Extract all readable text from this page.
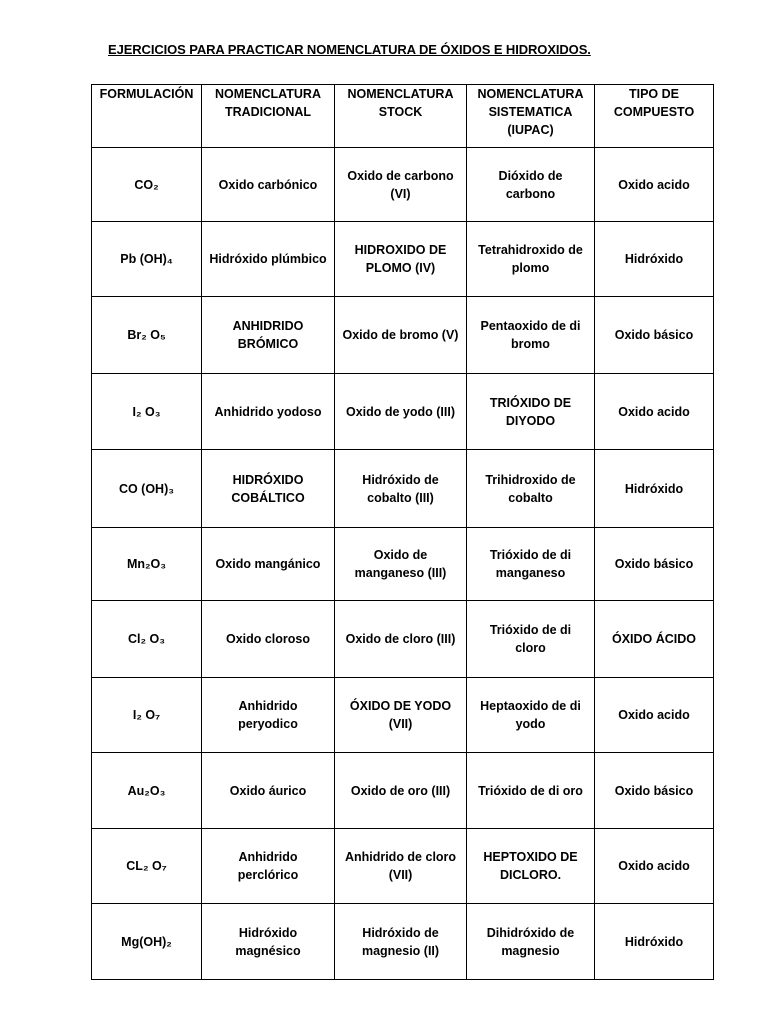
EJERCICIOS PARA PRACTICAR NOMENCLATURA DE ÓXIDOS E HIDROXIDOS.
FORMULACIÓN	NOMENCLATURA TRADICIONAL	NOMENCLATURA STOCK	NOMENCLATURA SISTEMATICA (IUPAC)	TIPO DE COMPUESTO
CO₂	Oxido carbónico	Oxido de carbono (VI)	Dióxido de carbono	Oxido acido
Pb (OH)₄	Hidróxido plúmbico	HIDROXIDO DE PLOMO (IV)	Tetrahidroxido de plomo	Hidróxido
Br₂ O₅	ANHIDRIDO BRÓMICO	Oxido de bromo (V)	Pentaoxido de di bromo	Oxido básico
I₂ O₃	Anhidrido yodoso	Oxido de yodo (III)	TRIÓXIDO DE DIYODO	Oxido acido
CO (OH)₃	HIDRÓXIDO COBÁLTICO	Hidróxido de cobalto (III)	Trihidroxido de cobalto	Hidróxido
Mn₂O₃	Oxido mangánico	Oxido de manganeso (III)	Trióxido de di manganeso	Oxido básico
Cl₂ O₃	Oxido cloroso	Oxido de cloro (III)	Trióxido de di cloro	ÓXIDO ÁCIDO
I₂ O₇	Anhidrido peryodico	ÓXIDO DE YODO (VII)	Heptaoxido de di yodo	Oxido acido
Au₂O₃	Oxido áurico	Oxido de oro (III)	Trióxido de di oro	Oxido básico
CL₂ O₇	Anhidrido perclórico	Anhidrido de cloro (VII)	HEPTOXIDO DE DICLORO.	Oxido acido
Mg(OH)₂	Hidróxido magnésico	Hidróxido de magnesio (II)	Dihidróxido de magnesio	Hidróxido
